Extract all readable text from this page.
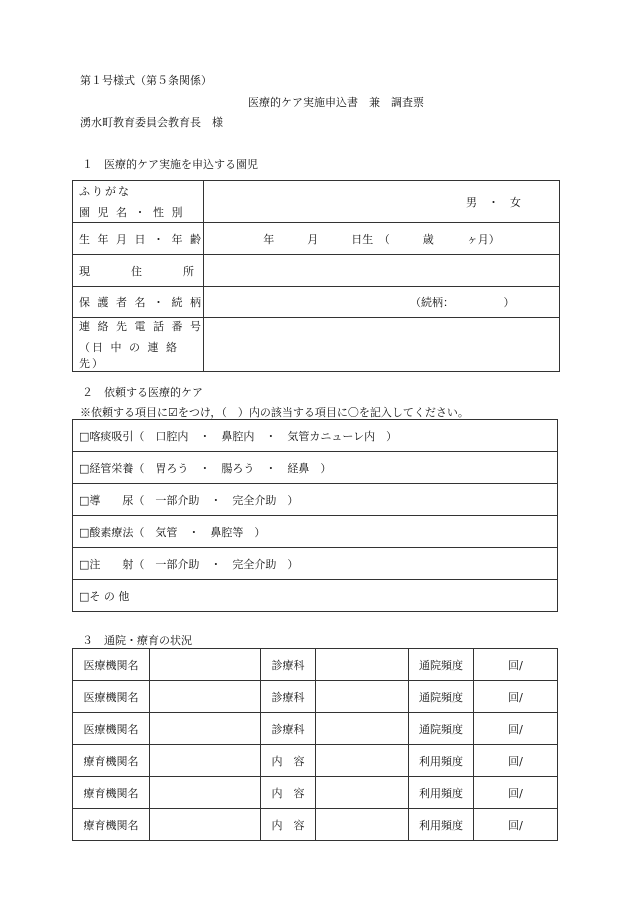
第１号様式（第５条関係）
医療的ケア実施申込書　兼　調査票
湧水町教育委員会教育長　様
１　医療的ケア実施を申込する園児
ふりがな
園 児 名 ・ 性 別	男　・　女
生 年 月 日 ・ 年 齢	年　　　月　　　日生　（　　　歳　　　ヶ月）
現　　　住　　　所	
保 護 者 名 ・ 続 柄	（続柄：　　　　　）

連 絡 先 電 話 番 号
（日 中 の 連 絡 先）	

２　依頼する医療的ケア
※依頼する項目に☑をつけ，（　）内の該当する項目に〇を記入してください。
□喀痰吸引（　口腔内　・　鼻腔内　・　気管カニューレ内　）
□経管栄養（　胃ろう　・　腸ろう　・　経鼻　）
□導　　尿（　一部介助　・　完全介助　）
□酸素療法（　気管　・　鼻腔等　）
□注　　射（　一部介助　・　完全介助　）
□そ の 他
３　通院・療育の状況
医療機関名		診療科		通院頻度	回/
医療機関名		診療科		通院頻度	回/
医療機関名		診療科		通院頻度	回/
療育機関名		内　容		利用頻度	回/
療育機関名		内　容		利用頻度	回/
療育機関名		内　容		利用頻度	回/
